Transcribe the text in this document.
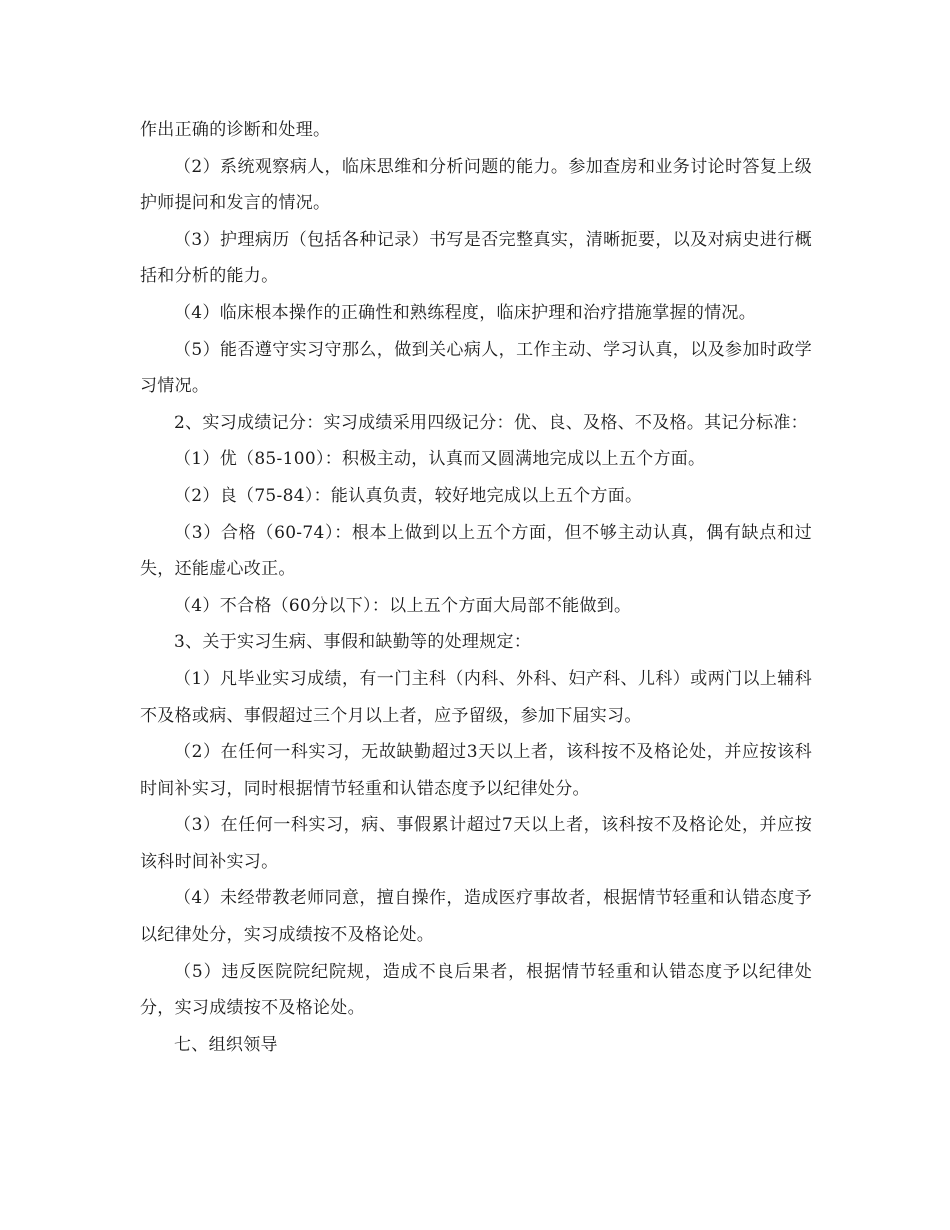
作出正确的诊断和处理。

（2）系统观察病人，临床思维和分析问题的能力。参加查房和业务讨论时答复上级护师提问和发言的情况。

（3）护理病历（包括各种记录）书写是否完整真实，清晰扼要，以及对病史进行概括和分析的能力。

（4）临床根本操作的正确性和熟练程度，临床护理和治疗措施掌握的情况。

（5）能否遵守实习守那么，做到关心病人，工作主动、学习认真，以及参加时政学习情况。

2、实习成绩记分：实习成绩采用四级记分：优、良、及格、不及格。其记分标准：

（1）优（85-100）：积极主动，认真而又圆满地完成以上五个方面。

（2）良（75-84）：能认真负责，较好地完成以上五个方面。

（3）合格（60-74）：根本上做到以上五个方面，但不够主动认真，偶有缺点和过失，还能虚心改正。

（4）不合格（60分以下）：以上五个方面大局部不能做到。

3、关于实习生病、事假和缺勤等的处理规定：

（1）凡毕业实习成绩，有一门主科（内科、外科、妇产科、儿科）或两门以上辅科不及格或病、事假超过三个月以上者，应予留级，参加下届实习。

（2）在任何一科实习，无故缺勤超过3天以上者，该科按不及格论处，并应按该科时间补实习，同时根据情节轻重和认错态度予以纪律处分。

（3）在任何一科实习，病、事假累计超过7天以上者，该科按不及格论处，并应按该科时间补实习。

（4）未经带教老师同意，擅自操作，造成医疗事故者，根据情节轻重和认错态度予以纪律处分，实习成绩按不及格论处。

（5）违反医院院纪院规，造成不良后果者，根据情节轻重和认错态度予以纪律处分，实习成绩按不及格论处。

七、组织领导
